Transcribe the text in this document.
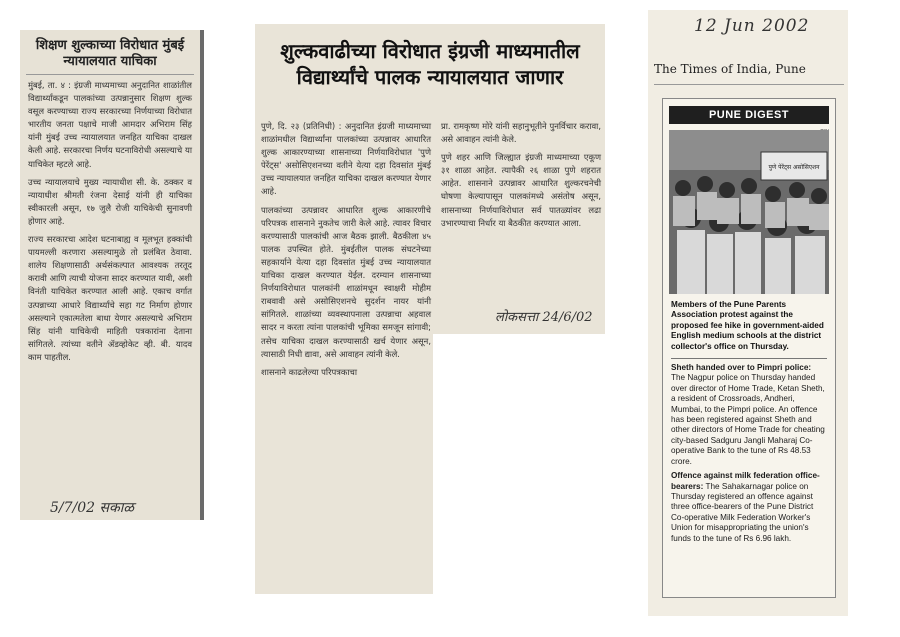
शिक्षण शुल्काच्या विरोधात मुंबई न्यायालयात याचिका

मुंबई, ता. ४ : इंग्रजी माध्यमाच्या अनुदानित शाळांतील विद्यार्थ्यांकडून पालकांच्या उत्पन्नानुसार शिक्षण शुल्क वसूल करण्याच्या राज्य सरकारच्या निर्णयाच्या विरोधात भारतीय जनता पक्षाचे माजी आमदार अभिराम सिंह यांनी मुंबई उच्च न्यायालयात जनहित याचिका दाखल केली आहे. सरकारचा निर्णय घटनाविरोधी असल्याचे या याचिकेत म्हटले आहे.

उच्च न्यायालयाचे मुख्य न्यायाधीश सी. के. ठक्कर व न्यायाधीश श्रीमती रंजना देसाई यांनी ही याचिका स्वीकारली असून, १७ जुलै रोजी याचिकेची सुनावणी होणार आहे.

राज्य सरकारचा आदेश घटनाबाह्य व मूलभूत हक्कांची पायमल्ली करणारा असल्यामुळे तो प्रलंबित ठेवावा. शालेय शिक्षणासाठी अर्थसंकल्पात आवश्यक तरतूद करावी आणि त्याची योजना सादर करण्यात यावी, अशी विनंती याचिकेत करण्यात आली आहे. एकाच वर्गात उत्पन्नाच्या आधारे विद्यार्थ्यांचे सहा गट निर्माण होणार असल्याने एकात्मतेला बाधा येणार असल्याचे अभिराम सिंह यांनी याचिकेची माहिती पत्रकारांना देताना सांगितले. त्यांच्या वतीने ॲडव्होकेट व्ही. बी. यादव काम पाहतील.

5/7/02 सकाळ
शुल्कवाढीच्या विरोधात इंग्रजी माध्यमातील विद्यार्थ्यांचे पालक न्यायालयात जाणार

पुणे, दि. २३ (प्रतिनिधी) : अनुदानित इंग्रजी माध्यमाच्या शाळांमधील विद्यार्थ्यांना पालकांच्या उत्पन्नावर आधारित शुल्क आकारण्याच्या शासनाच्या निर्णयाविरोधात 'पुणे पेरेंट्स' असोसिएशनच्या वतीने येत्या दहा दिवसांत मुंबई उच्च न्यायालयात जनहित याचिका दाखल करण्यात येणार आहे.

पालकांच्या उत्पन्नावर आधारित शुल्क आकारणीचे परिपत्रक शासनाने नुकतेच जारी केले आहे. त्यावर विचार करण्यासाठी पालकांची आज बैठक झाली. बैठकीला ४५ पालक उपस्थित होते. मुंबईतील पालक संघटनेच्या सहकार्याने येत्या दहा दिवसांत मुंबई उच्च न्यायालयात याचिका दाखल करण्यात येईल. दरम्यान शासनाच्या निर्णयाविरोधात पालकांनी शाळांमधून स्वाक्षरी मोहीम राबवावी असे असोसिएशनचे सुदर्शन नायर यांनी सांगितले. शाळांच्या व्यवस्थापनाला उत्पन्नाचा अहवाल सादर न करता त्यांना पालकांची भूमिका समजून सांगावी; तसेच याचिका दाखल करण्यासाठी खर्च येणार असून, त्यासाठी निधी द्यावा, असे आवाहन त्यांनी केले.

शासनाने काढलेल्या परिपत्रकाचा

प्रा. रामकृष्ण मोरे यांनी सहानुभूतीने पुनर्विचार करावा, असे आवाहन त्यांनी केले.

पुणे शहर आणि जिल्ह्यात इंग्रजी माध्यमाच्या एकूण ३१ शाळा आहेत. त्यापैकी २६ शाळा पुणे शहरात आहेत. शासनाने उत्पन्नावर आधारित शुल्करचनेची घोषणा केल्यापासून पालकांमध्ये असंतोष असून, शासनाच्या निर्णयाविरोधात सर्व पातळ्यांवर लढा उभारण्याचा निर्धार या बैठकीत करण्यात आला.

लोकसत्ता 24/6/02
12 Jun 2002
The Times of India, Pune
PUNE DIGEST
पुणे पेरेंट्स असोसिएशन
Members of the Pune Parents Association protest against the proposed fee hike in government-aided English medium schools at the district collector's office on Thursday.
Sheth handed over to Pimpri police: The Nagpur police on Thursday handed over director of Home Trade, Ketan Sheth, a resident of Crossroads, Andheri, Mumbai, to the Pimpri police. An offence has been registered against Sheth and other directors of Home Trade for cheating city-based Sadguru Jangli Maharaj Co-operative Bank to the tune of Rs 48.53 crore.
Offence against milk federation office-bearers: The Sahakarnagar police on Thursday registered an offence against three office-bearers of the Pune District Co-operative Milk Federation Worker's Union for misappropriating the union's funds to the tune of Rs 6.96 lakh.
